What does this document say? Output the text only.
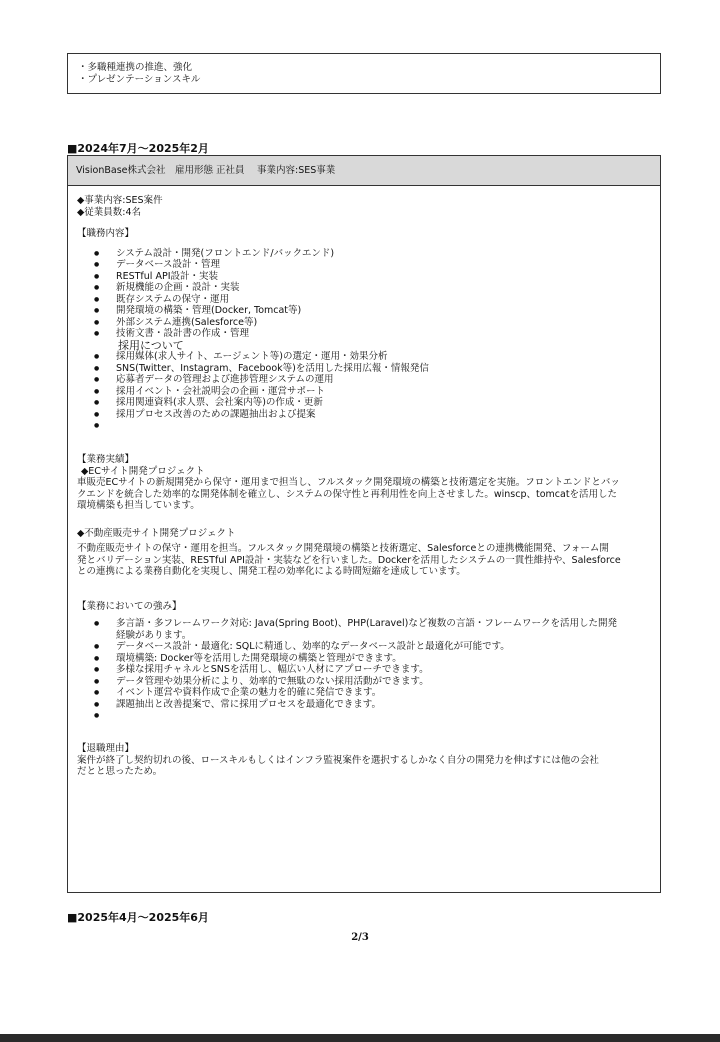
・多職種連携の推進、強化
・プレゼンテーションスキル
■2024年7月～2025年2月
VisionBase株式会社　雇用形態 正社員　 事業内容:SES事業

◆事業内容:SES案件

◆従業員数:4名

【職務内容】

● システム設計・開発(フロントエンド/バックエンド)
● データベース設計・管理
● RESTful API設計・実装
● 新規機能の企画・設計・実装
● 既存システムの保守・運用
● 開発環境の構築・管理(Docker, Tomcat等)
● 外部システム連携(Salesforce等)
● 技術文書・設計書の作成・管理

採用について

● 採用媒体(求人サイト、エージェント等)の選定・運用・効果分析
● SNS(Twitter、Instagram、Facebook等)を活用した採用広報・情報発信
● 応募者データの管理および進捗管理システムの運用
● 採用イベント・会社説明会の企画・運営サポート
● 採用関連資料(求人票、会社案内等)の作成・更新
● 採用プロセス改善のための課題抽出および提案

【業務実績】

◆ECサイト開発プロジェクト

車販売ECサイトの新規開発から保守・運用まで担当し、フルスタック開発環境の構築と技術選定を実施。フロントエンドとバッ

クエンドを統合した効率的な開発体制を確立し、システムの保守性と再利用性を向上させました。winscp、tomcatを活用した

環境構築も担当しています。

◆不動産販売サイト開発プロジェクト

不動産販売サイトの保守・運用を担当。フルスタック開発環境の構築と技術選定、Salesforceとの連携機能開発、フォーム開

発とバリデーション実装、RESTful API設計・実装などを行いました。Dockerを活用したシステムの一貫性維持や、Salesforce

との連携による業務自動化を実現し、開発工程の効率化による時間短縮を達成しています。

【業務においての強み】

● 多言語・多フレームワーク対応: Java(Spring Boot)、PHP(Laravel)など複数の言語・フレームワークを活用した開発
経験があります。
● データベース設計・最適化: SQLに精通し、効率的なデータベース設計と最適化が可能です。
● 環境構築: Docker等を活用した開発環境の構築と管理ができます。
● 多様な採用チャネルとSNSを活用し、幅広い人材にアプローチできます。
● データ管理や効果分析により、効率的で無駄のない採用活動ができます。
● イベント運営や資料作成で企業の魅力を的確に発信できます。
● 課題抽出と改善提案で、常に採用プロセスを最適化できます。

【退職理由】

案件が終了し契約切れの後、ロースキルもしくはインフラ監視案件を選択するしかなく自分の開発力を伸ばすには他の会社

だとと思ったため。

■2025年4月～2025年6月
2/3
